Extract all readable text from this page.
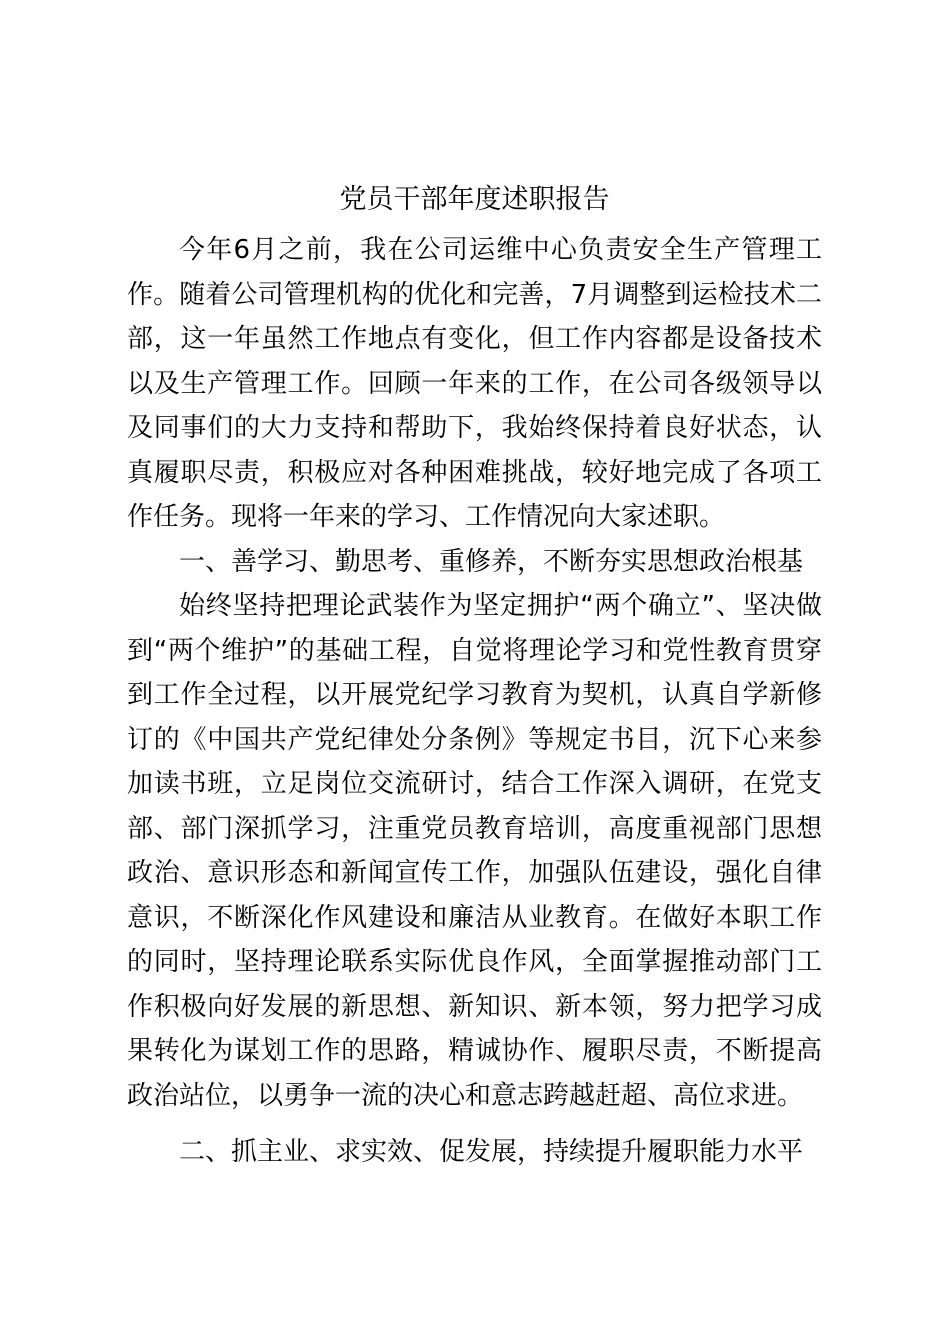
党员干部年度述职报告

今年6月之前，我在公司运维中心负责安全生产管理工作。随着公司管理机构的优化和完善，7月调整到运检技术二部，这一年虽然工作地点有变化，但工作内容都是设备技术以及生产管理工作。回顾一年来的工作，在公司各级领导以及同事们的大力支持和帮助下，我始终保持着良好状态，认真履职尽责，积极应对各种困难挑战，较好地完成了各项工作任务。现将一年来的学习、工作情况向大家述职。

一、善学习、勤思考、重修养，不断夯实思想政治根基

始终坚持把理论武装作为坚定拥护“两个确立”、坚决做到“两个维护”的基础工程，自觉将理论学习和党性教育贯穿到工作全过程，以开展党纪学习教育为契机，认真自学新修订的《中国共产党纪律处分条例》等规定书目，沉下心来参加读书班，立足岗位交流研讨，结合工作深入调研，在党支部、部门深抓学习，注重党员教育培训，高度重视部门思想政治、意识形态和新闻宣传工作，加强队伍建设，强化自律意识，不断深化作风建设和廉洁从业教育。在做好本职工作的同时，坚持理论联系实际优良作风，全面掌握推动部门工作积极向好发展的新思想、新知识、新本领，努力把学习成果转化为谋划工作的思路，精诚协作、履职尽责，不断提高政治站位，以勇争一流的决心和意志跨越赶超、高位求进。

二、抓主业、求实效、促发展，持续提升履职能力水平
